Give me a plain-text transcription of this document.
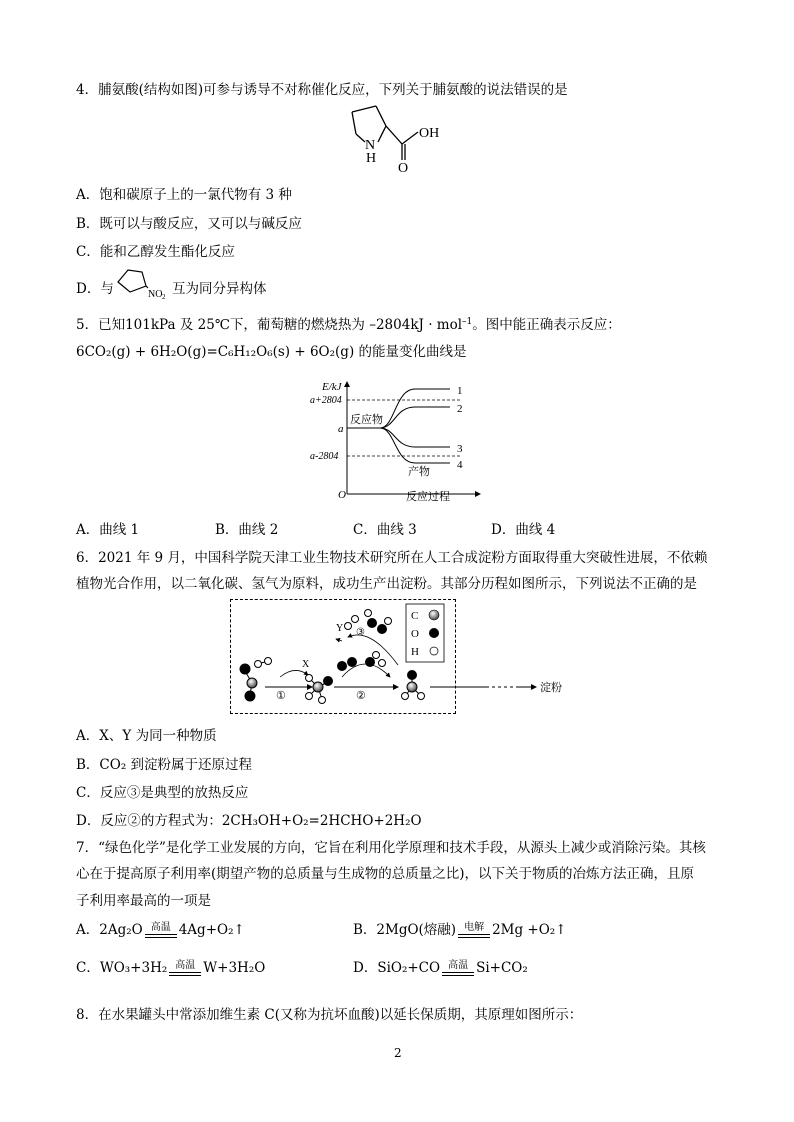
4．脯氨酸(结构如图)可参与诱导不对称催化反应，下列关于脯氨酸的说法错误的是
N
H
OH
O
A．饱和碳原子上的一氯代物有 3 种
B．既可以与酸反应，又可以与碱反应
C．能和乙醇发生酯化反应
D．与	NO 2 互为同分异构体
5．已知101kPa 及 25℃下，葡萄糖的燃烧热为 –2804kJ · mol$^{-1}$。图中能正确表示反应：
6CO₂(g) + 6H₂O(g)=C₆H₁₂O₆(s) + 6O₂(g) 的能量变化曲线是
E/kJ
a+2804
a
a-2804
O	反应过程
反应物
产物
1
2
3
4
A．曲线 1	B．曲线 2	C．曲线 3	D．曲线 4
6．2021 年 9 月，中国科学院天津工业生物技术研究所在人工合成淀粉方面取得重大突破性进展，不依赖
植物光合作用，以二氧化碳、氢气为原料，成功生产出淀粉。其部分历程如图所示，下列说法不正确的是
C
O
H
①
X
②
③
Y
淀粉
A．X、Y 为同一种物质
B．CO₂ 到淀粉属于还原过程
C．反应③是典型的放热反应
D．反应②的方程式为：2CH₃OH+O₂=2HCHO+2H₂O
7．“绿色化学”是化学工业发展的方向，它旨在利用化学原理和技术手段，从源头上减少或消除污染。其核
心在于提高原子利用率(期望产物的总质量与生成物的总质量之比)，以下关于物质的冶炼方法正确，且原
子利用率最高的一项是
A．2Ag₂O 高温 4Ag+O₂↑	B．2MgO(熔融) 电解 2Mg +O₂↑
C．WO₃+3H₂ 高温 W+3H₂O	D．SiO₂+CO 高温 Si+CO₂
8．在水果罐头中常添加维生素 C(又称为抗坏血酸)以延长保质期，其原理如图所示：
2
